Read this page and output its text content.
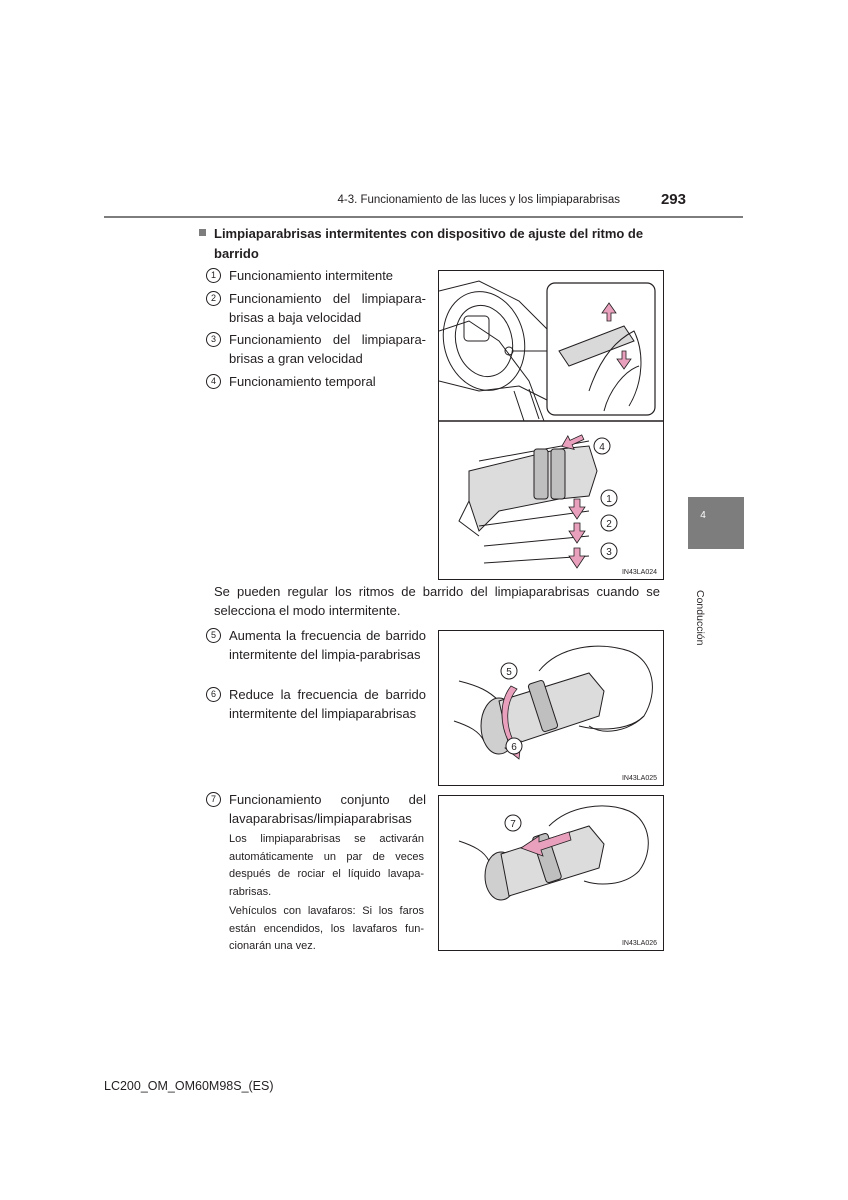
4-3. Funcionamiento de las luces y los limpiaparabrisas	293
4
Conducción
Limpiaparabrisas intermitentes con dispositivo de ajuste del ritmo de barrido
1	Funcionamiento intermitente
2	Funcionamiento del limpiapara-brisas a baja velocidad
3	Funcionamiento del limpiapara-brisas a gran velocidad
4	Funcionamiento temporal
4
1
2
3
IN43LA024
Se pueden regular los ritmos de barrido del limpiaparabrisas cuando se selecciona el modo intermitente.
5	Aumenta la frecuencia de barrido intermitente del limpia-parabrisas
6	Reduce la frecuencia de barrido intermitente del limpiaparabrisas
5
6
IN43LA025
7	Funcionamiento conjunto del lavaparabrisas/limpiaparabrisas
Los limpiaparabrisas se activarán automáticamente un par de veces después de rociar el líquido lavapa-rabrisas.
Vehículos con lavafaros: Si los faros están encendidos, los lavafaros fun-cionarán una vez.
7
IN43LA026
LC200_OM_OM60M98S_(ES)
